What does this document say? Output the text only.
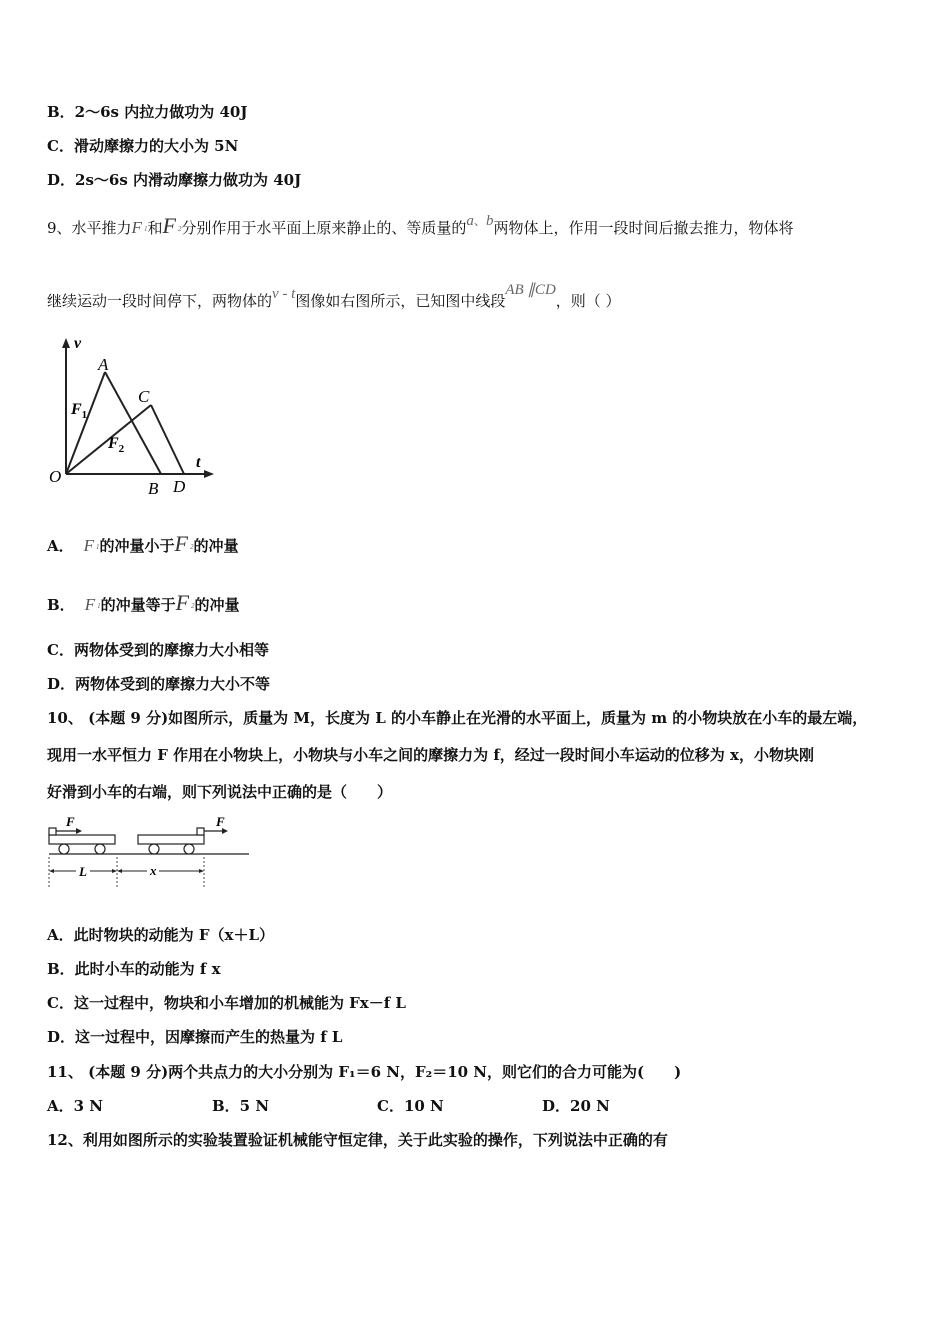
B．2～6s 内拉力做功为 40J
C．滑动摩擦力的大小为 5N
D．2s～6s 内滑动摩擦力做功为 40J
9、水平推力F $^1$和F $^2$分别作用于水平面上原来静止的、等质量的a、b两物体上，作用一段时间后撤去推力，物体将
继续运动一段时间停下，两物体的v - t图像如右图所示，已知图中线段AB ∥CD，则（ ）
v
t
O
A
B
C
D
$F_1$
$F_2$
A． F $^1$的冲量小于F $^2$的冲量
B． F $^1$的冲量等于F $^2$的冲量
C．两物体受到的摩擦力大小相等
D．两物体受到的摩擦力大小不等
10、 (本题 9 分)如图所示，质量为 M，长度为 L 的小车静止在光滑的水平面上，质量为 m 的小物块放在小车的最左端，
现用一水平恒力 F 作用在小物块上，小物块与小车之间的摩擦力为 f，经过一段时间小车运动的位移为 x，小物块刚
好滑到小车的右端，则下列说法中正确的是（　　）
F	F
L	x
A．此时物块的动能为 F（x＋L）
B．此时小车的动能为 f x
C．这一过程中，物块和小车增加的机械能为 Fx－f L
D．这一过程中，因摩擦而产生的热量为 f L
11、 (本题 9 分)两个共点力的大小分别为 F₁＝6 N，F₂＝10 N，则它们的合力可能为(　　)
A．3 N	B．5 N	C．10 N	D．20 N
12、利用如图所示的实验装置验证机械能守恒定律，关于此实验的操作，下列说法中正确的有
